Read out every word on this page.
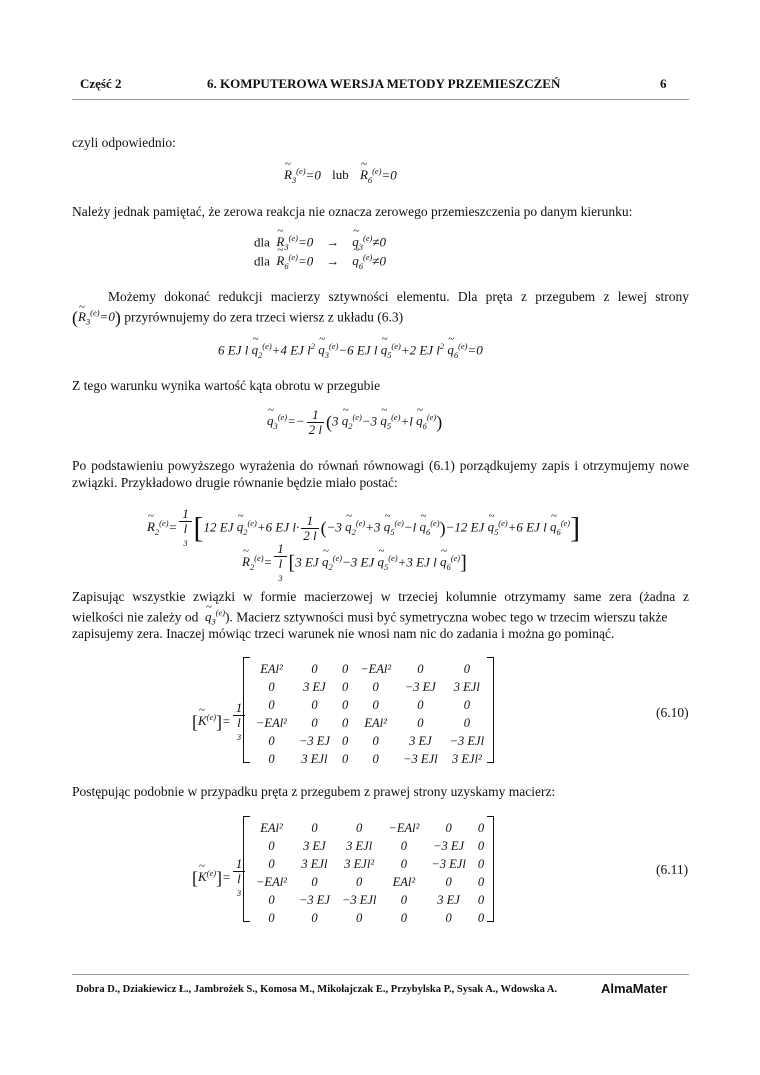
Część 2	6. KOMPUTEROWA WERSJA METODY PRZEMIESZCZEŃ	6
czyli odpowiednio:
~ $R_3^{(e)}=0$ lub ~ $R_6^{(e)}=0$
Należy jednak pamiętać, że zerowa reakcja nie oznacza zerowego przemieszczenia po danym kierunku:
dla ~ $R_3^{(e)}=0$    → ~ $q_3^{(e)}\ne 0$
dla ~ $R_6^{(e)}=0$    → ~ $q_6^{(e)}\ne 0$
Możemy dokonać redukcji macierzy sztywności elementu. Dla pręta z przegubem z lewej strony
(~ $R_3^{(e)}=0$) przyrównujemy do zera trzeci wiersz z układu (6.3)
6 EJ l ~ $q_2^{(e)}+4$ EJ $l^2$ ~ $q_3^{(e)}-6$ EJ l ~ $q_5^{(e)}+2$ EJ $l^2$ ~ $q_6^{(e)}=0$
Z tego warunku wynika wartość kąta obrotu w przegubie
~ $q_3^{(e)}=- \frac{1}{2 l} (3$ ~ $q_2^{(e)}-3$ ~ $q_5^{(e)}+l$ ~ $q_6^{(e)}$)
Po podstawieniu powyższego wyrażenia do równań równowagi (6.1) porządkujemy zapis i otrzymujemy nowe
związki. Przykładowo drugie równanie będzie miało postać:
~ $R_2^{(e)}= 1$
l
3 [12 EJ ~ $q_2^{(e)}+6$ EJ $l\cdot \frac{1}{2 l} (-3$ ~ $q_2^{(e)}+3$ ~ $q_5^{(e)}-l$ ~ $q_6^{(e)})-12$ EJ ~ $q_5^{(e)}+6$ EJ l ~ $q_6^{(e)}$]
~ $R_2^{(e)}= 1$
l
3 [3 EJ ~ $q_2^{(e)}-3$ EJ ~ $q_5^{(e)}+3$ EJ l ~ $q_6^{(e)}$]
Zapisując wszystkie związki w formie macierzowej w trzeciej kolumnie otrzymamy same zera (żadna z
wielkości nie zależy od ~ $q_3^{(e)}$). Macierz sztywności musi być symetryczna wobec tego w trzecim wierszu także
zapisujemy zera. Inaczej mówiąc trzeci warunek nie wnosi nam nic do zadania i można go pominąć.
[~ $K^{(e)}]= 1$
l
3
EAl²	0	0	−EAl²	0	0
0	3 EJ	0	0	−3 EJ	3 EJl
0	0	0	0	0	0
−EAl²	0	0	EAl²	0	0
0	−3 EJ	0	0	3 EJ	−3 EJl
0	3 EJl	0	0	−3 EJl	3 EJl²
(6.10)
Postępując podobnie w przypadku pręta z przegubem z prawej strony uzyskamy macierz:
[~ $K^{(e)}]= 1$
l
3
EAl²	0	0	−EAl²	0	0
0	3 EJ	3 EJl	0	−3 EJ	0
0	3 EJl	3 EJl²	0	−3 EJl	0
−EAl²	0	0	EAl²	0	0
0	−3 EJ	−3 EJl	0	3 EJ	0
0	0	0	0	0	0
(6.11)
Dobra D., Dziakiewicz Ł., Jambrożek S., Komosa M., Mikołajczak E., Przybylska P., Sysak A., Wdowska A.	AlmaMater
